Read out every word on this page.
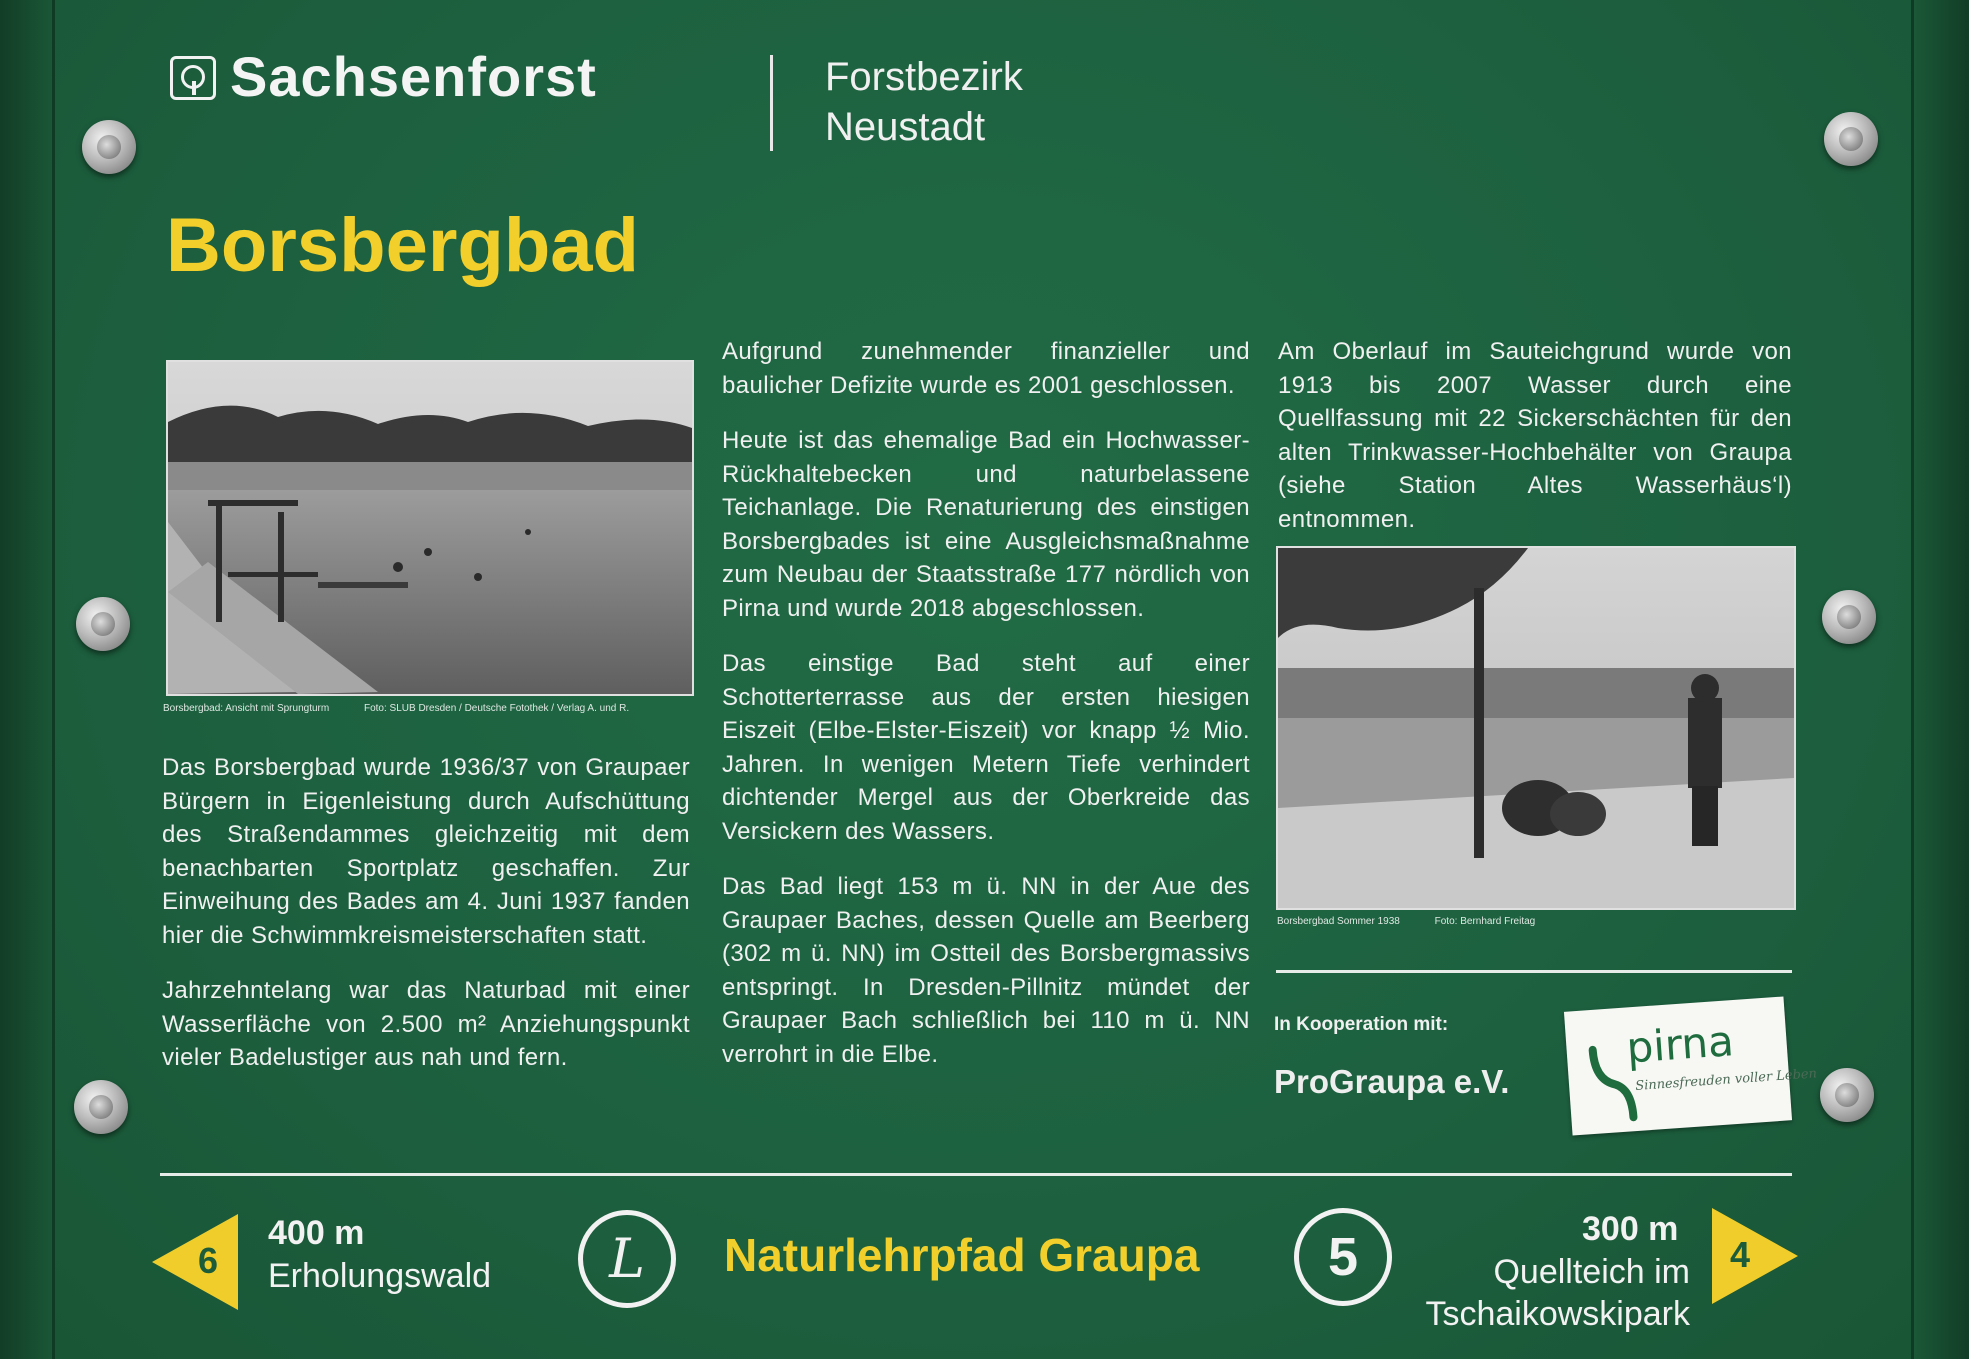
Sachsenforst	Forstbezirk
Neustadt
Borsbergbad
Borsbergbad: Ansicht mit Sprungturm	Foto: SLUB Dresden / Deutsche Fotothek / Verlag A. und R.

Das Borsbergbad wurde 1936/37 von Graupaer Bürgern in Eigenleistung durch Aufschüttung des Straßendammes gleichzeitig mit dem benachbarten Sportplatz geschaffen. Zur Einweihung des Bades am 4. Juni 1937 fanden hier die Schwimmkreismeisterschaften statt.

Jahrzehntelang war das Naturbad mit einer Wasserfläche von 2.500 m² Anziehungspunkt vieler Badelustiger aus nah und fern.

Aufgrund zunehmender finanzieller und baulicher Defizite wurde es 2001 geschlossen.

Heute ist das ehemalige Bad ein Hochwasser-Rückhaltebecken und naturbelassene Teichanlage. Die Renaturierung des einstigen Borsbergbades ist eine Ausgleichsmaßnahme zum Neubau der Staatsstraße 177 nördlich von Pirna und wurde 2018 abgeschlossen.

Das einstige Bad steht auf einer Schotterterrasse aus der ersten hiesigen Eiszeit (Elbe-Elster-Eiszeit) vor knapp ½ Mio. Jahren. In wenigen Metern Tiefe verhindert dichtender Mergel aus der Oberkreide das Versickern des Wassers.

Das Bad liegt 153 m ü. NN in der Aue des Graupaer Baches, dessen Quelle am Beerberg (302 m ü. NN) im Ostteil des Borsbergmassivs entspringt. In Dresden-Pillnitz mündet der Graupaer Bach schließlich bei 110 m ü. NN verrohrt in die Elbe.

Am Oberlauf im Sauteichgrund wurde von 1913 bis 2007 Wasser durch eine Quellfassung mit 22 Sickerschächten für den alten Trinkwasser-Hochbehälter von Graupa (siehe Station Altes Wasserhäus‘l) entnommen.

Borsbergbad Sommer 1938	Foto: Bernhard Freitag
In Kooperation mit:
ProGraupa e.V.
pirna
Sinnesfreuden voller Leben
6
400 m
Erholungswald	L	Naturlehrpfad Graupa	5	300 m
Quellteich im
Tschaikowskipark
4
